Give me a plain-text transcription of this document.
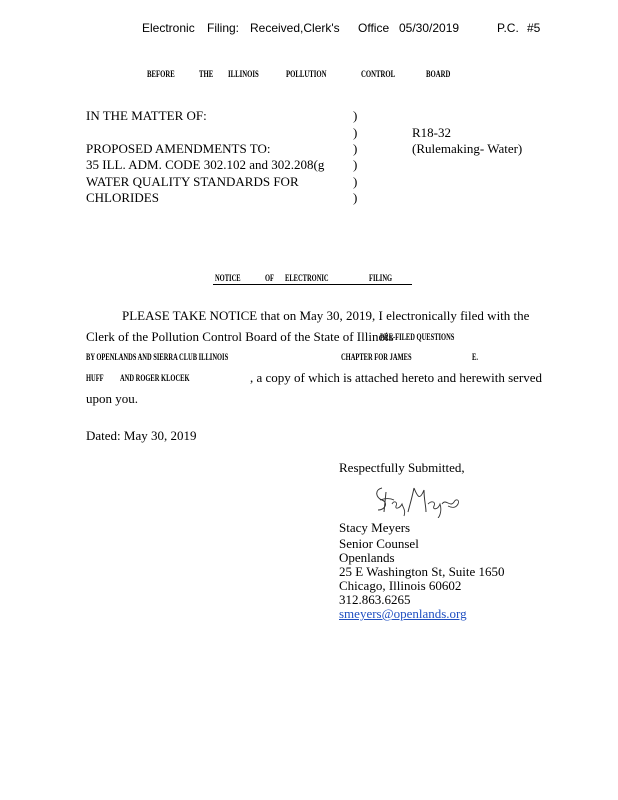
Electronic Filing: Received,Clerk's Office 05/30/2019	P.C. #5
BEFORE	THE ILLINOIS	POLLUTION	CONTROL	BOARD
IN THE MATTER OF:
PROPOSED AMENDMENTS TO:
35 ILL. ADM. CODE 302.102 and 302.208(g
WATER QUALITY STANDARDS FOR
CHLORIDES
)
)
)
)
)
)
R18-32
(Rulemaking- Water)
NOTICE	OF ELECTRONIC	FILING
PLEASE TAKE NOTICE that on May 30, 2019, I electronically filed with the
Clerk of the Pollution Control Board of the State of Illinois
PRE-FILED QUESTIONS
BY OPENLANDS AND SIERRA CLUB ILLINOIS	CHAPTER FOR JAMES	E.
HUFF AND ROGER KLOCEK	, a copy of which is attached hereto and herewith served
upon you.
Dated: May 30, 2019
Respectfully Submitted,
Stacy Meyers
Senior Counsel
Openlands
25 E Washington St, Suite 1650
Chicago, Illinois 60602
312.863.6265
smeyers@openlands.org
